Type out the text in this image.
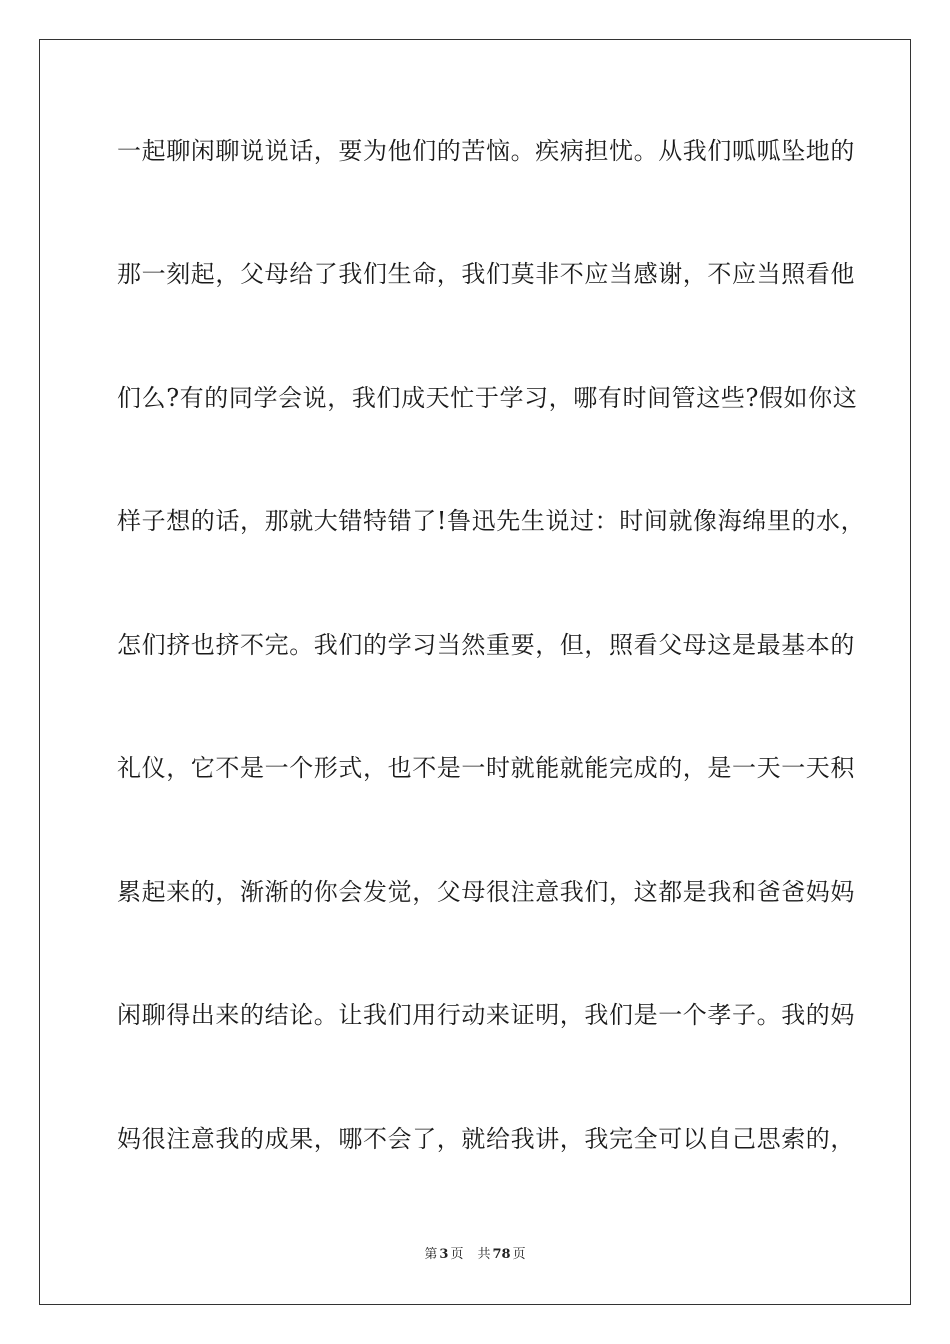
一起聊闲聊说说话，要为他们的苦恼。疾病担忧。从我们呱呱坠地的
那一刻起，父母给了我们生命，我们莫非不应当感谢，不应当照看他
们么?有的同学会说，我们成天忙于学习，哪有时间管这些?假如你这
样子想的话，那就大错特错了!鲁迅先生说过：时间就像海绵里的水，
怎们挤也挤不完。我们的学习当然重要，但，照看父母这是最基本的
礼仪，它不是一个形式，也不是一时就能就能完成的，是一天一天积
累起来的，渐渐的你会发觉，父母很注意我们，这都是我和爸爸妈妈
闲聊得出来的结论。让我们用行动来证明，我们是一个孝子。我的妈
妈很注意我的成果，哪不会了，就给我讲，我完全可以自己思索的，
第 3 页 共 78 页
